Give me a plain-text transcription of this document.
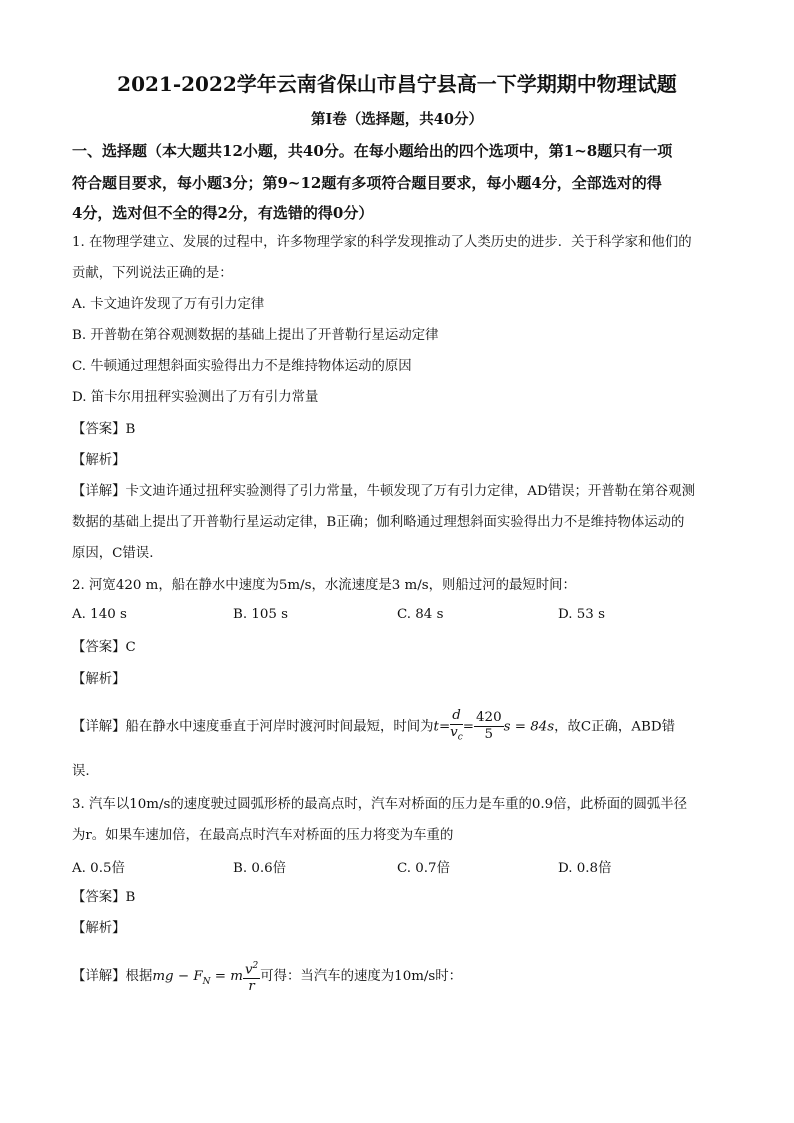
2021-2022学年云南省保山市昌宁县高一下学期期中物理试题
第Ⅰ卷（选择题，共40分）
一、选择题（本大题共12小题，共40分。在每小题给出的四个选项中，第1~8题只有一项
符合题目要求，每小题3分；第9~12题有多项符合题目要求，每小题4分，全部选对的得
4分，选对但不全的得2分，有选错的得0分）
1. 在物理学建立、发展的过程中，许多物理学家的科学发现推动了人类历史的进步．关于科学家和他们的
贡献，下列说法正确的是：
A. 卡文迪许发现了万有引力定律
B. 开普勒在第谷观测数据的基础上提出了开普勒行星运动定律
C. 牛顿通过理想斜面实验得出力不是维持物体运动的原因
D. 笛卡尔用扭秤实验测出了万有引力常量
【答案】B
【解析】
【详解】卡文迪许通过扭秤实验测得了引力常量，牛顿发现了万有引力定律，AD错误；开普勒在第谷观测
数据的基础上提出了开普勒行星运动定律，B正确；伽利略通过理想斜面实验得出力不是维持物体运动的
原因，C错误.
2. 河宽420 m，船在静水中速度为5m/s，水流速度是3 m/s，则船过河的最短时间：
A. 140 s	B. 105 s	C. 84 s	D. 53 s
【答案】C
【解析】
【详解】船在静水中速度垂直于河岸时渡河时间最短，时间为$t= \frac{d}{v_c} = \frac{420}{5}$ s = 84s，故C正确，ABD错
误.
3. 汽车以10m/s的速度驶过圆弧形桥的最高点时，汽车对桥面的压力是车重的0.9倍，此桥面的圆弧半径
为r。如果车速加倍，在最高点时汽车对桥面的压力将变为车重的
A. 0.5倍	B. 0.6倍	C. 0.7倍	D. 0.8倍
【答案】B
【解析】
【详解】根据mg − $F_N = m \frac{v^2}{r}$ 可得：当汽车的速度为10m/s时：
